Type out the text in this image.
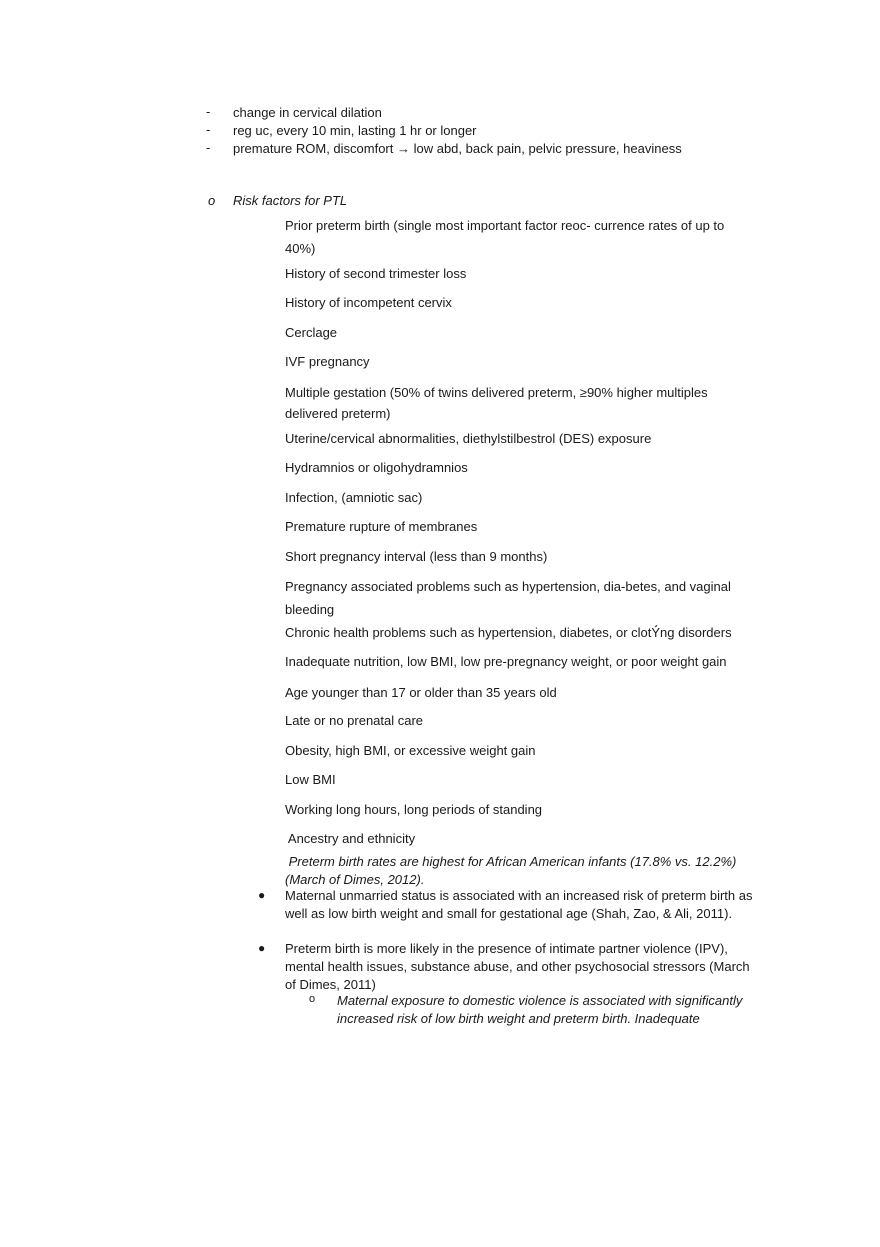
- change in cervical dilation
- reg uc, every 10 min, lasting 1 hr or longer
- premature ROM, discomfort → low abd, back pain, pelvic pressure, heaviness
o Risk factors for PTL
Prior preterm birth (single most important factor reoc- currence rates of up to 40%)
History of second trimester loss
History of incompetent cervix
Cerclage
IVF pregnancy
Multiple gestation (50% of twins delivered preterm, ≥90% higher multiples delivered preterm)
Uterine/cervical abnormalities, diethylstilbestrol (DES) exposure
Hydramnios or oligohydramnios
Infection, (amniotic sac)
Premature rupture of membranes
Short pregnancy interval (less than 9 months)
Pregnancy associated problems such as hypertension, dia-betes, and vaginal bleeding
Chronic health problems such as hypertension, diabetes, or clotÝ́ng disorders
Inadequate nutrition, low BMI, low pre-pregnancy weight, or poor weight gain
Age younger than 17 or older than 35 years old
Late or no prenatal care
Obesity, high BMI, or excessive weight gain
Low BMI
Working long hours, long periods of standing
Ancestry and ethnicity
Preterm birth rates are highest for African American infants (17.8% vs. 12.2%) (March of Dimes, 2012).
● Maternal unmarried status is associated with an increased risk of preterm birth as well as low birth weight and small for gestational age (Shah, Zao, & Ali, 2011).
● Preterm birth is more likely in the presence of intimate partner violence (IPV), mental health issues, substance abuse, and other psychosocial stressors (March of Dimes, 2011)
o Maternal exposure to domestic violence is associated with significantly increased risk of low birth weight and preterm birth. Inadequate
